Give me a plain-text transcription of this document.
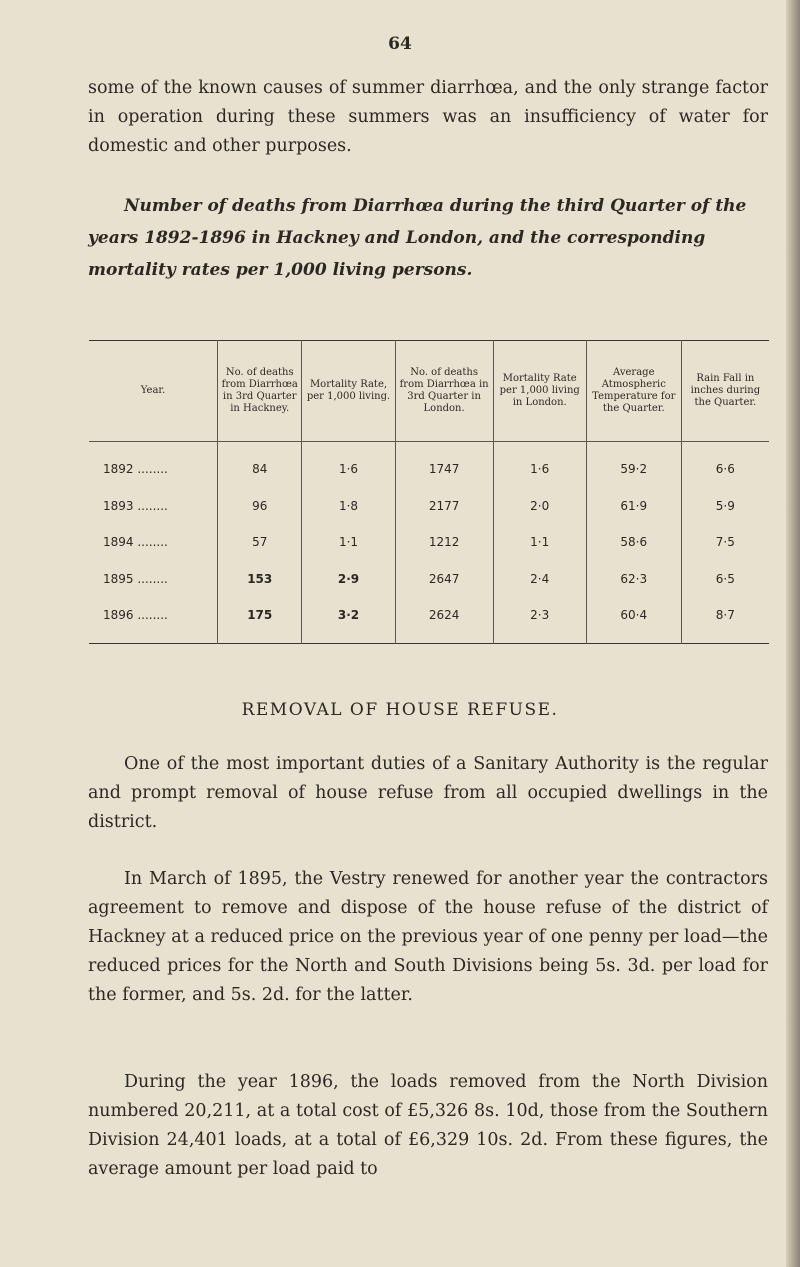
64

some of the known causes of summer diarrhœa, and the only strange factor in operation during these summers was an insufficiency of water for domestic and other purposes.

Number of deaths from Diarrhœa during the third Quarter of the years 1892-1896 in Hackney and London, and the corresponding mortality rates per 1,000 living persons.

Year.	No. of deaths from Diarrhœa in 3rd Quarter in Hackney.	Mortality Rate, per 1,000 living.	No. of deaths from Diarrhœa in 3rd Quarter in London.	Mortality Rate per 1,000 living in London.	Average Atmospheric Temperature for the Quarter.	Rain Fall in inches during the Quarter.
1892 ........	84	1·6	1747	1·6	59·2	6·6
1893 ........	96	1·8	2177	2·0	61·9	5·9
1894 ........	57	1·1	1212	1·1	58·6	7·5
1895 ........	153	2·9	2647	2·4	62·3	6·5
1896 ........	175	3·2	2624	2·3	60·4	8·7
REMOVAL OF HOUSE REFUSE.

One of the most important duties of a Sanitary Authority is the regular and prompt removal of house refuse from all occupied dwellings in the district.

In March of 1895, the Vestry renewed for another year the contractors agreement to remove and dispose of the house refuse of the district of Hackney at a reduced price on the previous year of one penny per load—the reduced prices for the North and South Divisions being 5s. 3d. per load for the former, and 5s. 2d. for the latter.

During the year 1896, the loads removed from the North Division numbered 20,211, at a total cost of £5,326 8s. 10d, those from the Southern Division 24,401 loads, at a total of £6,329 10s. 2d. From these figures, the average amount per load paid to
